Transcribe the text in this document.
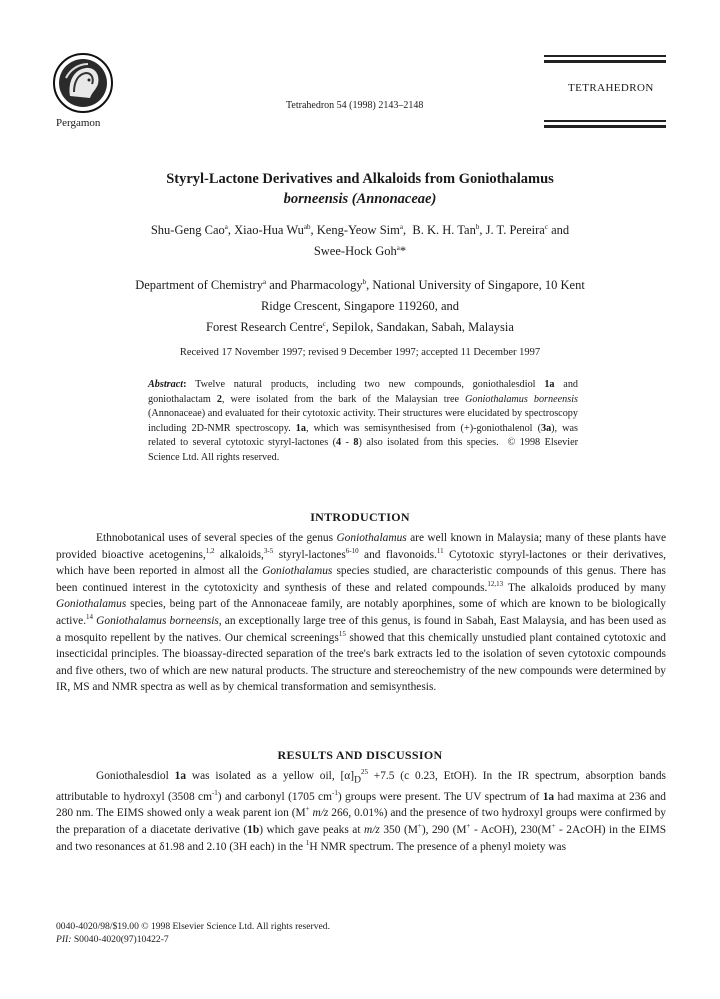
Pergamon
Tetrahedron 54 (1998) 2143–2148
TETRAHEDRON
Styryl-Lactone Derivatives and Alkaloids from Goniothalamus
borneensis (Annonaceae)
Shu-Geng Cao$^a$, Xiao-Hua $Wu^{ab}$, Keng-Yeow Sim$^a$,  B. K. H. Tan$^b$, J. T. Pereira$^c$ and
Swee-Hock Goh$^a$*
Department of Chemistry$^a$ and Pharmacology$^b$, National University of Singapore, 10 Kent
Ridge Crescent, Singapore 119260, and
Forest Research Centre$^c$, Sepilok, Sandakan, Sabah, Malaysia
Received 17 November 1997; revised 9 December 1997; accepted 11 December 1997
Abstract: Twelve natural products, including two new compounds, goniothalesdiol 1a and goniothalactam 2, were isolated from the bark of the Malaysian tree Goniothalamus borneensis (Annonaceae) and evaluated for their cytotoxic activity. Their structures were elucidated by spectroscopy including 2D-NMR spectroscopy. 1a, which was semisynthesised from (+)-goniothalenol (3a), was related to several cytotoxic styryl-lactones (4 - 8) also isolated from this species.  © 1998 Elsevier Science Ltd. All rights reserved.
INTRODUCTION

Ethnobotanical uses of several species of the genus Goniothalamus are well known in Malaysia; many of these plants have provided bioactive acetogenins,$^{1,2}$ alkaloids,$^{3-5}$ styryl-lactones$^{6-10}$ and flavonoids.$^{11}$ Cytotoxic styryl-lactones or their derivatives, which have been reported in almost all the Goniothalamus species studied, are characteristic compounds of this genus. There has been continued interest in the cytotoxicity and synthesis of these and related compounds.$^{12,13}$ The alkaloids produced by many Goniothalamus species, being part of the Annonaceae family, are notably aporphines, some of which are known to be biologically active.$^{14}$ Goniothalamus borneensis, an exceptionally large tree of this genus, is found in Sabah, East Malaysia, and has been used as a mosquito repellent by the natives. Our chemical screenings$^{15}$ showed that this chemically unstudied plant contained cytotoxic and insecticidal principles. The bioassay-directed separation of the tree's bark extracts led to the isolation of seven cytotoxic compounds and five others, two of which are new natural products. The structure and stereochemistry of the new compounds were determined by IR, MS and NMR spectra as well as by chemical transformation and semisynthesis.

RESULTS AND DISCUSSION

Goniothalesdiol 1a was isolated as a yellow oil, $[\alpha]_D^{25} +7.5$ (c 0.23, EtOH). In the IR spectrum, absorption bands attributable to hydroxyl (3508 $cm^{-1}$) and carbonyl (1705 $cm^{-1}$) groups were present. The UV spectrum of 1a had maxima at 236 and 280 nm. The EIMS showed only a weak parent ion (M+ m/z 266, 0.01%) and the presence of two hydroxyl groups were confirmed by the preparation of a diacetate derivative (1b) which gave peaks at m/z 350 (M+), 290 (M+ - AcOH), 230(M+ - 2AcOH) in the EIMS and two resonances at δ1.98 and 2.10 (3H each) in the $^1$H NMR spectrum. The presence of a phenyl moiety was

0040-4020/98/$19.00 © 1998 Elsevier Science Ltd. All rights reserved.
PII: S0040-4020(97)10422-7
